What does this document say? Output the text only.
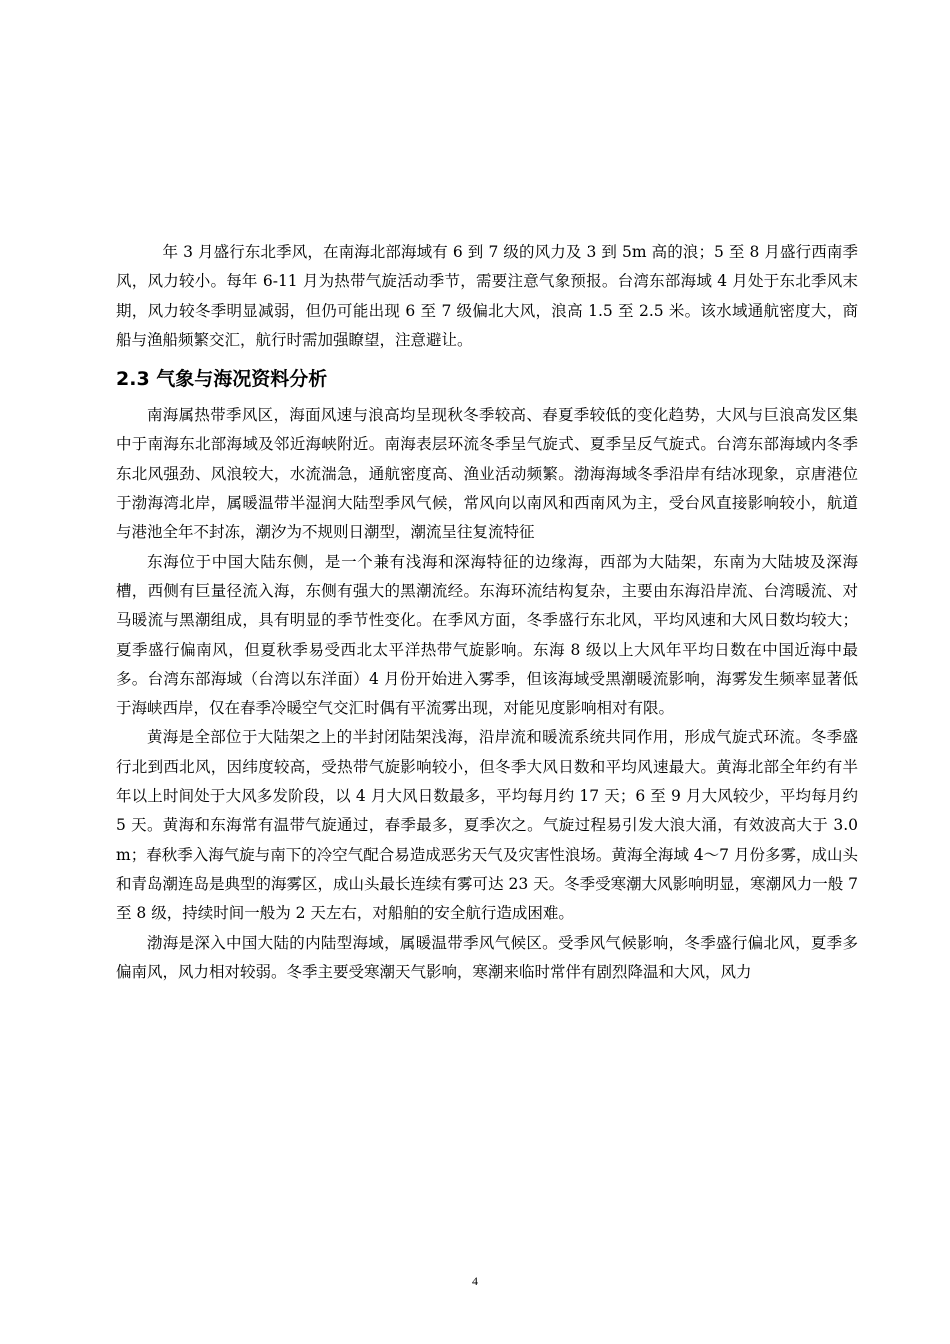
年 3 月盛行东北季风，在南海北部海域有 6 到 7 级的风力及 3 到 5m 高的浪；5 至 8 月盛行西南季风，风力较小。每年 6-11 月为热带气旋活动季节，需要注意气象预报。台湾东部海域 4 月处于东北季风末期，风力较冬季明显减弱，但仍可能出现 6 至 7 级偏北大风，浪高 1.5 至 2.5 米。该水域通航密度大，商船与渔船频繁交汇，航行时需加强瞭望，注意避让。

2.3 气象与海况资料分析

南海属热带季风区，海面风速与浪高均呈现秋冬季较高、春夏季较低的变化趋势，大风与巨浪高发区集中于南海东北部海域及邻近海峡附近。南海表层环流冬季呈气旋式、夏季呈反气旋式。台湾东部海域内冬季东北风强劲、风浪较大，水流湍急，通航密度高、渔业活动频繁。渤海海域冬季沿岸有结冰现象，京唐港位于渤海湾北岸，属暖温带半湿润大陆型季风气候，常风向以南风和西南风为主，受台风直接影响较小，航道与港池全年不封冻，潮汐为不规则日潮型，潮流呈往复流特征

东海位于中国大陆东侧，是一个兼有浅海和深海特征的边缘海，西部为大陆架，东南为大陆坡及深海槽，西侧有巨量径流入海，东侧有强大的黑潮流经。东海环流结构复杂，主要由东海沿岸流、台湾暖流、对马暖流与黑潮组成，具有明显的季节性变化。在季风方面，冬季盛行东北风，平均风速和大风日数均较大；夏季盛行偏南风，但夏秋季易受西北太平洋热带气旋影响。东海 8 级以上大风年平均日数在中国近海中最多。台湾东部海域（台湾以东洋面）4 月份开始进入雾季，但该海域受黑潮暖流影响，海雾发生频率显著低于海峡西岸，仅在春季冷暖空气交汇时偶有平流雾出现，对能见度影响相对有限。

黄海是全部位于大陆架之上的半封闭陆架浅海，沿岸流和暖流系统共同作用，形成气旋式环流。冬季盛行北到西北风，因纬度较高，受热带气旋影响较小，但冬季大风日数和平均风速最大。黄海北部全年约有半年以上时间处于大风多发阶段，以 4 月大风日数最多，平均每月约 17 天；6 至 9 月大风较少，平均每月约 5 天。黄海和东海常有温带气旋通过，春季最多，夏季次之。气旋过程易引发大浪大涌，有效波高大于 3.0m；春秋季入海气旋与南下的冷空气配合易造成恶劣天气及灾害性浪场。黄海全海域 4～7 月份多雾，成山头和青岛潮连岛是典型的海雾区，成山头最长连续有雾可达 23 天。冬季受寒潮大风影响明显，寒潮风力一般 7 至 8 级，持续时间一般为 2 天左右，对船舶的安全航行造成困难。

渤海是深入中国大陆的内陆型海域，属暖温带季风气候区。受季风气候影响，冬季盛行偏北风，夏季多偏南风，风力相对较弱。冬季主要受寒潮天气影响，寒潮来临时常伴有剧烈降温和大风，风力

4
